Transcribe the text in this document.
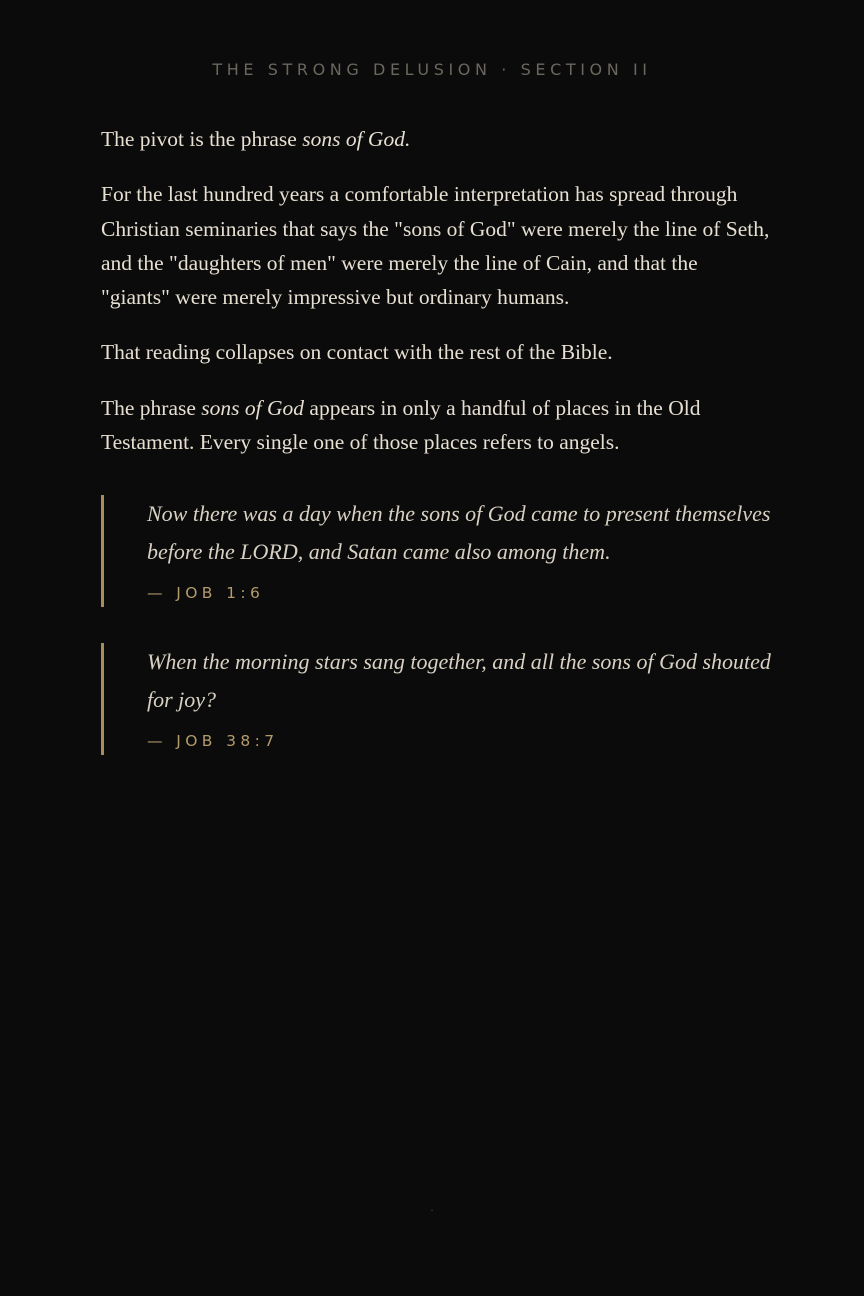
THE STRONG DELUSION · SECTION II

The pivot is the phrase sons of God.

For the last hundred years a comfortable interpretation has spread through Christian seminaries that says the "sons of God" were merely the line of Seth, and the "daughters of men" were merely the line of Cain, and that the "giants" were merely impressive but ordinary humans.

That reading collapses on contact with the rest of the Bible.

The phrase sons of God appears in only a handful of places in the Old Testament. Every single one of those places refers to angels.

Now there was a day when the sons of God came to present themselves before the LORD, and Satan came also among them.
— JOB 1:6
When the morning stars sang together, and all the sons of God shouted for joy?
— JOB 38:7
·
